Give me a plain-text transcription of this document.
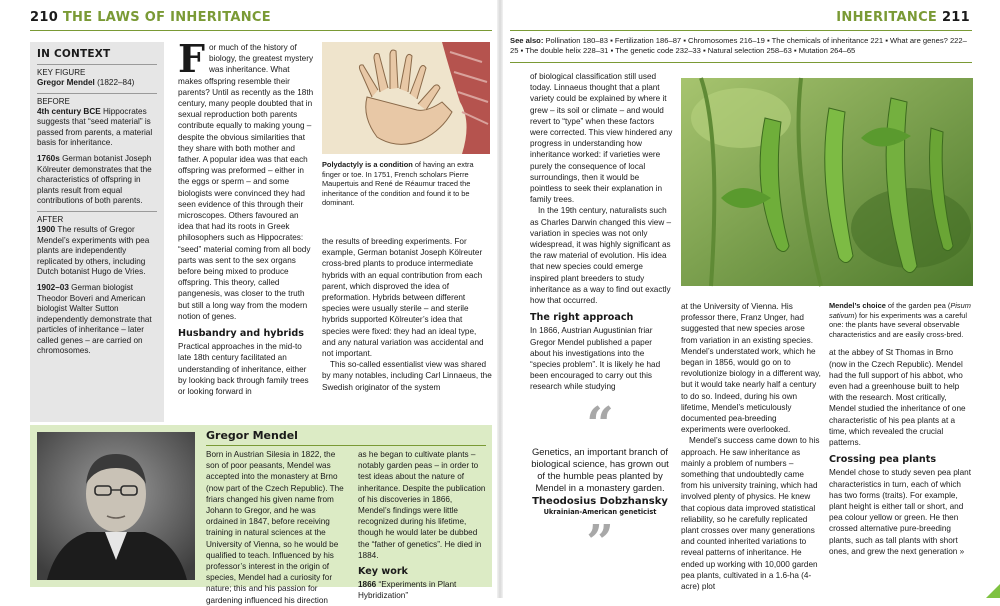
210 THE LAWS OF INHERITANCE
IN CONTEXT
KEY FIGURE
Gregor Mendel (1822–84)
BEFORE
4th century BCE Hippocrates suggests that “seed material” is passed from parents, a material basis for inheritance.
1760s German botanist Joseph Kölreuter demonstrates that the characteristics of offspring in plants result from equal contributions of both parents.
AFTER
1900 The results of Gregor Mendel’s experiments with pea plants are independently replicated by others, including Dutch botanist Hugo de Vries.
1902–03 German biologist Theodor Boveri and American biologist Walter Sutton independently demonstrate that particles of inheritance – later called genes – are carried on chromosomes.

For much of the history of biology, the greatest mystery was inheritance. What makes offspring resemble their parents? Until as recently as the 18th century, many people doubted that in sexual reproduction both parents contribute equally to making young – despite the obvious similarities that they share with both mother and father. A popular idea was that each offspring was preformed – either in the eggs or sperm – and some biologists were convinced they had seen evidence of this through their microscopes. Others favoured an idea that had its roots in Greek philosophers such as Hippocrates: “seed” material coming from all body parts was sent to the sex organs before being mixed to produce offspring. This theory, called pangenesis, was closer to the truth but still a long way from the modern notion of genes.

Husbandry and hybrids

Practical approaches in the mid-to late 18th century facilitated an understanding of inheritance, either by looking back through family trees or looking forward in

Polydactyly is a condition of having an extra finger or toe. In 1751, French scholars Pierre Maupertuis and René de Réaumur traced the inheritance of the condition and found it to be dominant.

the results of breeding experiments. For example, German botanist Joseph Kölreuter cross-bred plants to produce intermediate hybrids with an equal contribution from each parent, which disproved the idea of preformation. Hybrids between different species were usually sterile – and sterile hybrids supported Kölreuter’s idea that species were fixed: they had an ideal type, and any natural variation was accidental and not important.

This so-called essentialist view was shared by many notables, including Carl Linnaeus, the Swedish originator of the system

Gregor Mendel

Born in Austrian Silesia in 1822, the son of poor peasants, Mendel was accepted into the monastery at Brno (now part of the Czech Republic). The friars changed his given name from Johann to Gregor, and he was ordained in 1847, before receiving training in natural sciences at the University of Vienna, so he would be qualified to teach. Influenced by his professor’s interest in the origin of species, Mendel had a curiosity for nature; this and his passion for gardening influenced his direction

as he began to cultivate plants – notably garden peas – in order to test ideas about the nature of inheritance. Despite the publication of his discoveries in 1866, Mendel’s findings were little recognized during his lifetime, though he would later be dubbed the “father of genetics”. He died in 1884.

Key work

1866 “Experiments in Plant Hybridization”

INHERITANCE 211
See also: Pollination 180–83 ▪ Fertilization 186–87 ▪ Chromosomes 216–19 ▪ The chemicals of inheritance 221 ▪ What are genes? 222–25 ▪ The double helix 228–31 ▪ The genetic code 232–33 ▪ Natural selection 258–63 ▪ Mutation 264–65

of biological classification still used today. Linnaeus thought that a plant variety could be explained by where it grew – its soil or climate – and would revert to “type” when these factors were corrected. This view hindered any progress in understanding how inheritance worked: if varieties were purely the consequence of local surroundings, then it would be pointless to seek their explanation in family trees.

In the 19th century, naturalists such as Charles Darwin changed this view – variation in species was not only widespread, it was highly significant as the raw material of evolution. His idea that new species could emerge inspired plant breeders to study inheritance as a way to find out exactly how that occurred.

The right approach

In 1866, Austrian Augustinian friar Gregor Mendel published a paper about his investigations into the “species problem”. It is likely he had been encouraged to carry out this research while studying

at the University of Vienna. His professor there, Franz Unger, had suggested that new species arose from variation in an existing species. Mendel’s understated work, which he began in 1856, would go on to revolutionize biology in a different way, but it would take nearly half a century to do so. Indeed, during his own lifetime, Mendel’s meticulously documented pea-breeding experiments were overlooked.

Mendel’s success came down to his approach. He saw inheritance as mainly a problem of numbers – something that undoubtedly came from his university training, which had involved plenty of physics. He knew that copious data improved statistical reliability, so he carefully replicated plant crosses over many generations and counted inherited variations to reveal patterns of inheritance. He ended up working with 10,000 garden pea plants, cultivated in a 1.6-ha (4-acre) plot

Mendel’s choice of the garden pea (Pisum sativum) for his experiments was a careful one: the plants have several observable characteristics and are easily cross-bred.

at the abbey of St Thomas in Brno (now in the Czech Republic). Mendel had the full support of his abbot, who even had a greenhouse built to help with the research. Most critically, Mendel studied the inheritance of one characteristic of his pea plants at a time, which revealed the crucial patterns.

Crossing pea plants

Mendel chose to study seven pea plant characteristics in turn, each of which has two forms (traits). For example, plant height is either tall or short, and pea colour yellow or green. He then crossed alternative pure-breeding plants, such as tall plants with short ones, and grew the next generation »

“
Genetics, an important branch of biological science, has grown out of the humble peas planted by Mendel in a monastery garden.
Theodosius Dobzhansky
Ukrainian-American geneticist
”
